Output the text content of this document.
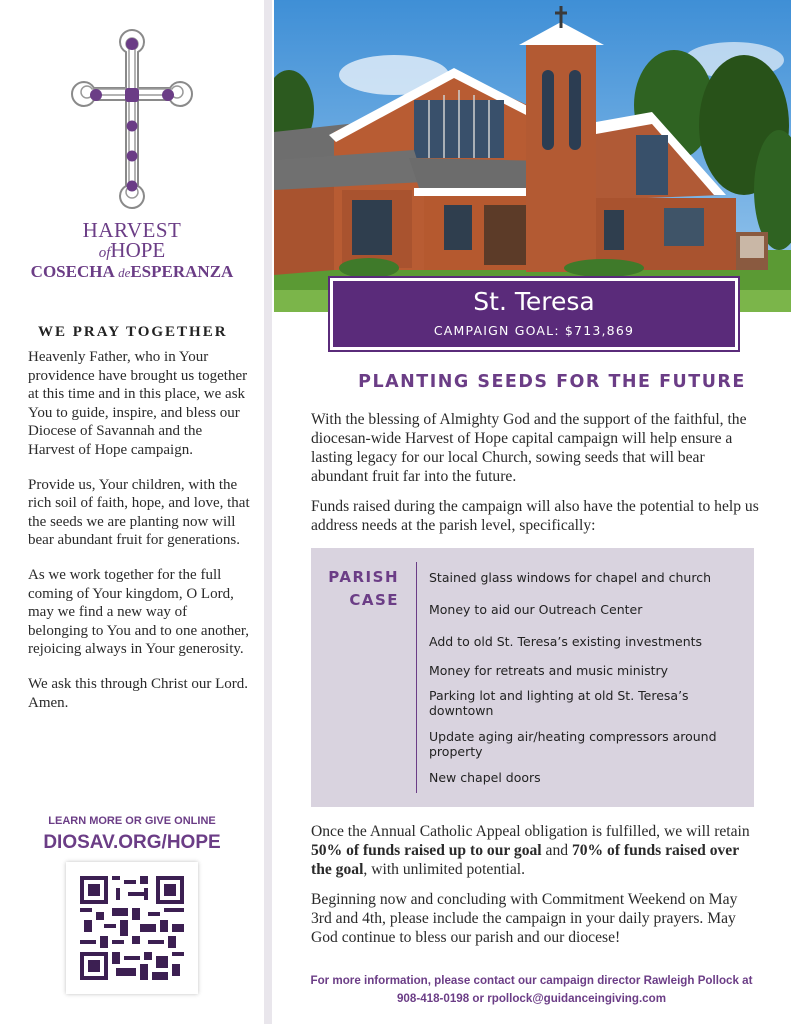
HARVEST
ofHOPE
COSECHA deESPERANZA
WE PRAY TOGETHER

Heavenly Father, who in Your providence have brought us together at this time and in this place, we ask You to guide, inspire, and bless our Diocese of Savannah and the Harvest of Hope campaign.

Provide us, Your children, with the rich soil of faith, hope, and love, that the seeds we are planting now will bear abundant fruit for generations.

As we work together for the full coming of Your kingdom, O Lord, may we find a new way of belonging to You and to one another, rejoicing always in Your generosity.

We ask this through Christ our Lord. Amen.

LEARN MORE OR GIVE ONLINE
DIOSAV.ORG/HOPE
St. Teresa
CAMPAIGN GOAL: $713,869
PLANTING SEEDS FOR THE FUTURE

With the blessing of Almighty God and the support of the faithful, the diocesan-wide Harvest of Hope capital campaign will help ensure a lasting legacy for our local Church, sowing seeds that will bear abundant fruit far into the future.

Funds raised during the campaign will also have the potential to help us address needs at the parish level, specifically:

PARISH
CASE
Stained glass windows for chapel and church
Money to aid our Outreach Center
Add to old St. Teresa’s existing investments
Money for retreats and music ministry
Parking lot and lighting at old St. Teresa’s downtown
Update aging air/heating compressors around property
New chapel doors

Once the Annual Catholic Appeal obligation is fulfilled, we will retain 50% of funds raised up to our goal and 70% of funds raised over the goal, with unlimited potential.

Beginning now and concluding with Commitment Weekend on May 3rd and 4th, please include the campaign in your daily prayers. May God continue to bless our parish and our diocese!

For more information, please contact our campaign director Rawleigh Pollock at
908-418-0198 or rpollock@guidanceingiving.com
